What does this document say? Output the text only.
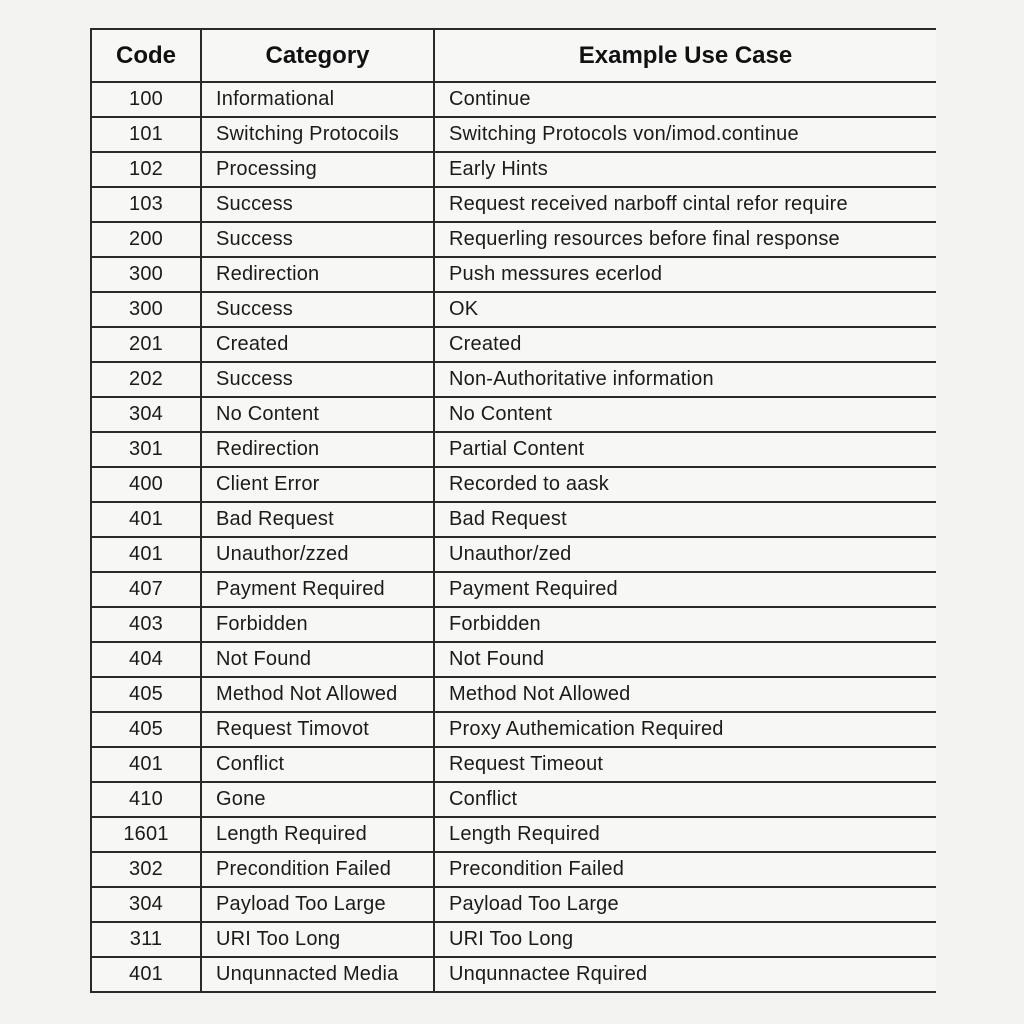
Code	Category	Example Use Case
100	Informational	Continue
101	Switching Protocoils	Switching Protocols von/imod.continue
102	Processing	Early Hints
103	Success	Request received narboff cintal refor require
200	Success	Requerling resources before final response
300	Redirection	Push messures ecerlod
300	Success	OK
201	Created	Created
202	Success	Non-Authoritative information
304	No Content	No Content
301	Redirection	Partial Content
400	Client Error	Recorded to aask
401	Bad Request	Bad Request
401	Unauthor/zzed	Unauthor/zed
407	Payment Required	Payment Required
403	Forbidden	Forbidden
404	Not Found	Not Found
405	Method Not Allowed	Method Not Allowed
405	Request Timovot	Proxy Authemication Required
401	Conflict	Request Timeout
410	Gone	Conflict
1601	Length Required	Length Required
302	Precondition Failed	Precondition Failed
304	Payload Too Large	Payload Too Large
311	URI Too Long	URI Too Long
401	Unqunnacted Media	Unqunnactee Rquired
